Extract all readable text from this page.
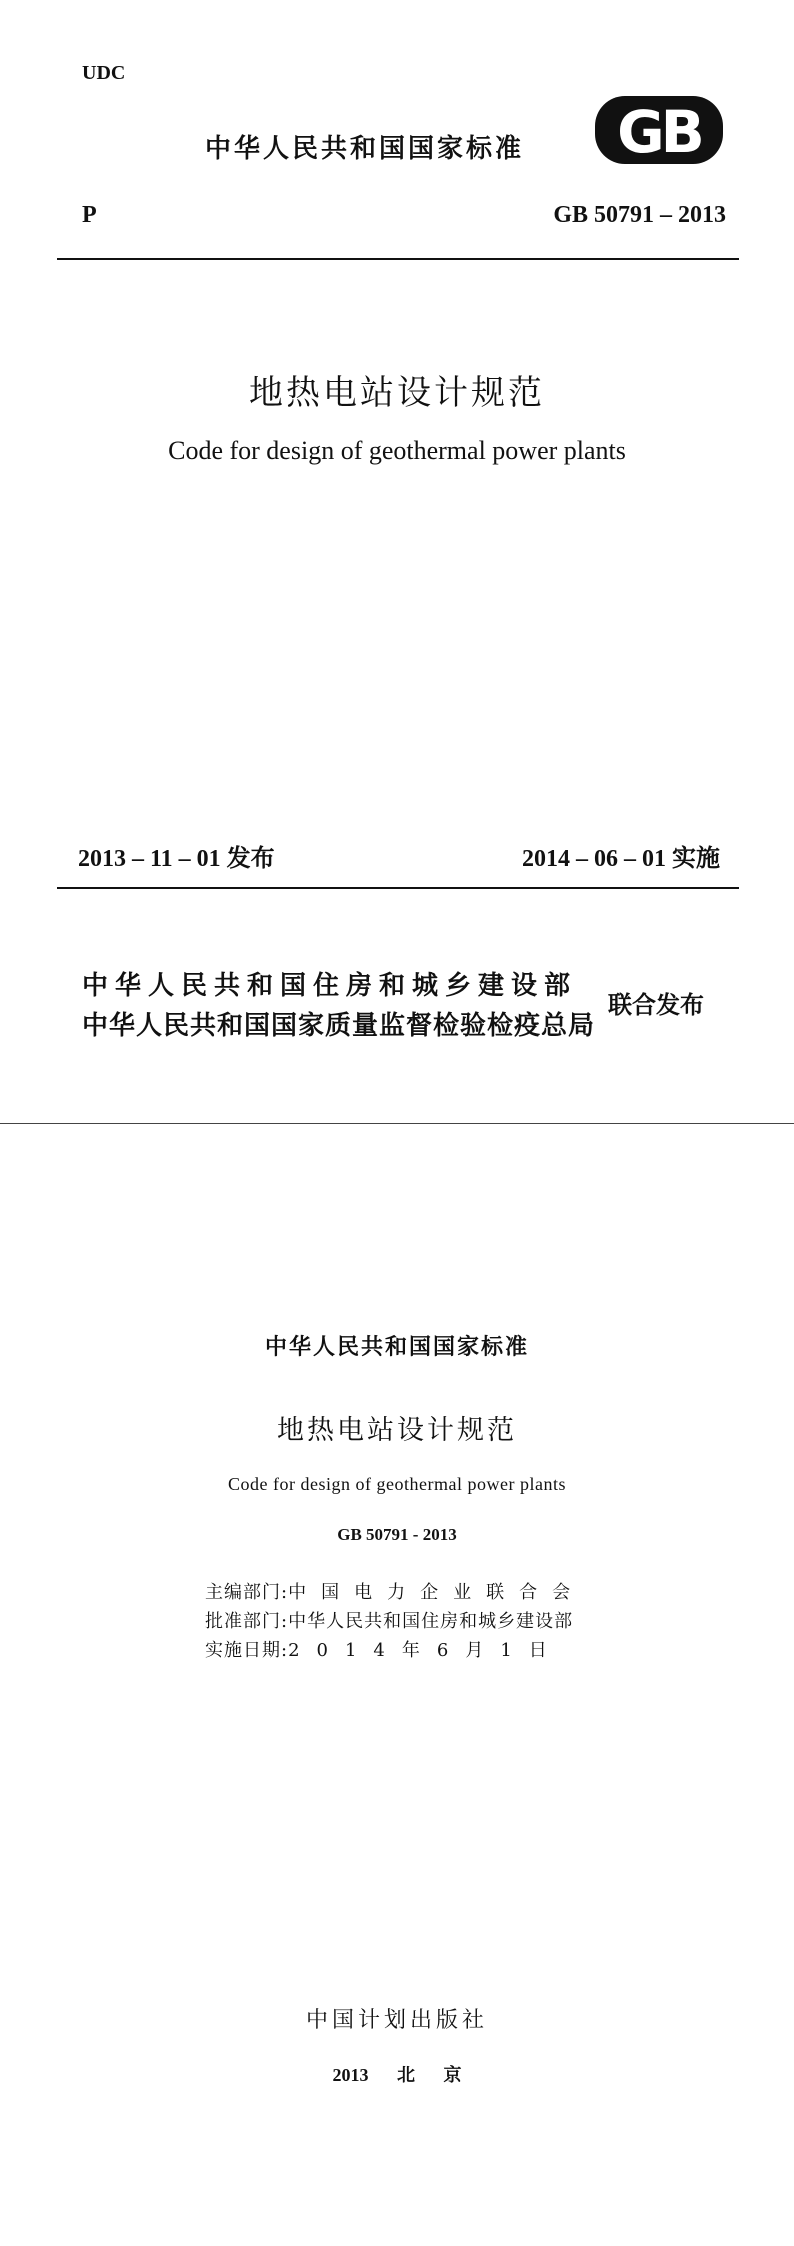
UDC
中华人民共和国国家标准 GB
P	GB 50791 – 2013
地热电站设计规范
Code for design of geothermal power plants
2013 – 11 – 01 发布	2014 – 06 – 01 实施
中华人民共和国住房和城乡建设部
中华人民共和国国家质量监督检验检疫总局
联合发布
中华人民共和国国家标准
地热电站设计规范
Code for design of geothermal power plants
GB 50791 - 2013
主编部门:中国电力企业联合会
批准部门:中华人民共和国住房和城乡建设部
实施日期:2014年6月1日
中国计划出版社
2013 北 京
